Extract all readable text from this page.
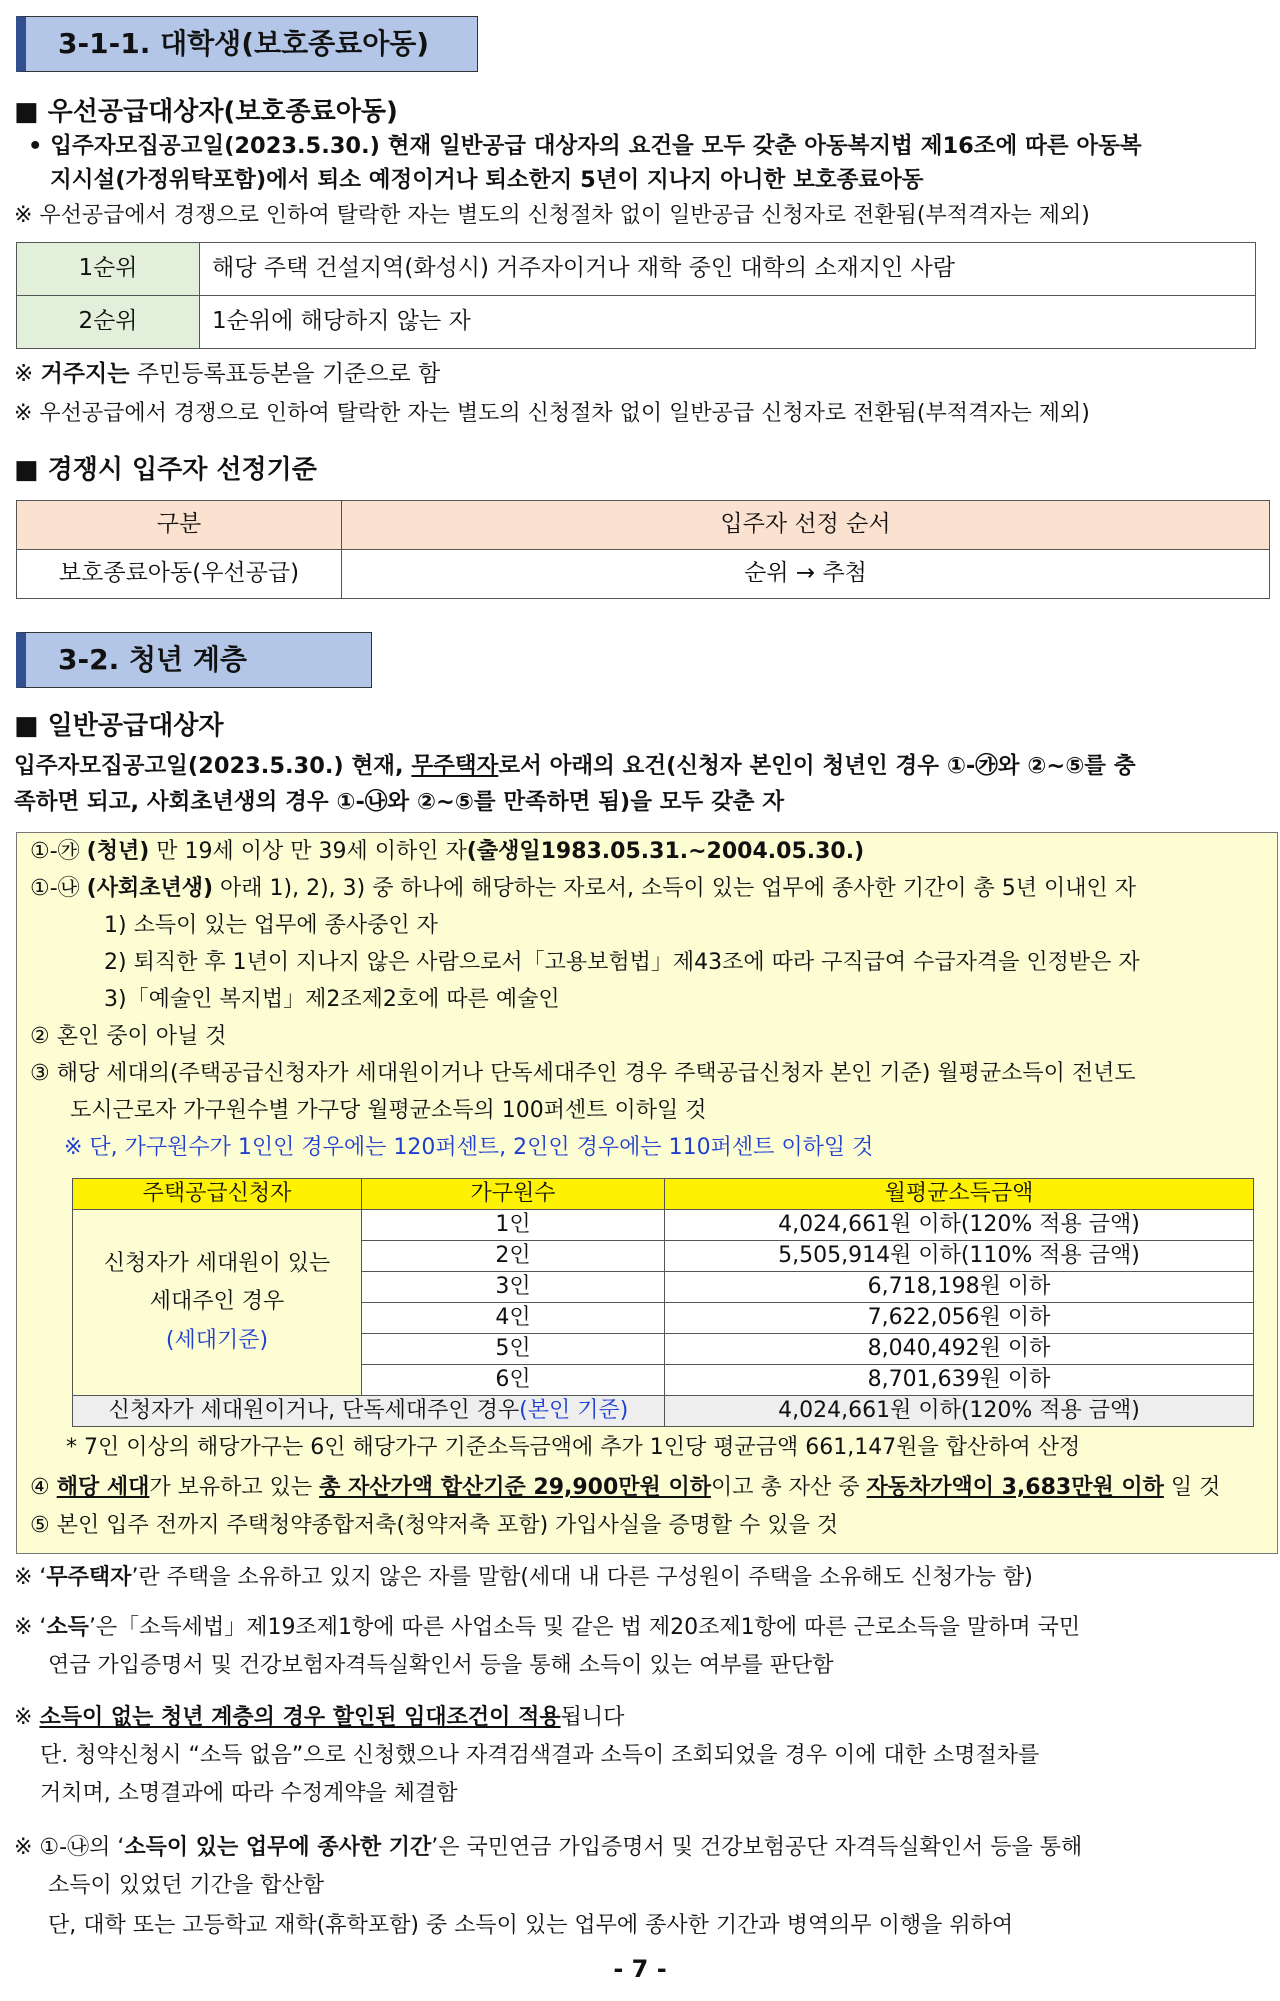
3-1-1. 대학생(보호종료아동)
■ 우선공급대상자(보호종료아동)
• 입주자모집공고일(2023.5.30.) 현재 일반공급 대상자의 요건을 모두 갖춘 아동복지법 제16조에 따른 아동복
지시설(가정위탁포함)에서 퇴소 예정이거나 퇴소한지 5년이 지나지 아니한 보호종료아동
※ 우선공급에서 경쟁으로 인하여 탈락한 자는 별도의 신청절차 없이 일반공급 신청자로 전환됨(부적격자는 제외)
1순위	해당 주택 건설지역(화성시) 거주자이거나 재학 중인 대학의 소재지인 사람
2순위	1순위에 해당하지 않는 자
※ 거주지는 주민등록표등본을 기준으로 함
※ 우선공급에서 경쟁으로 인하여 탈락한 자는 별도의 신청절차 없이 일반공급 신청자로 전환됨(부적격자는 제외)
■ 경쟁시 입주자 선정기준
구분	입주자 선정 순서
보호종료아동(우선공급)	순위 → 추첨
3-2. 청년 계층
■ 일반공급대상자
입주자모집공고일(2023.5.30.) 현재, 무주택자로서 아래의 요건(신청자 본인이 청년인 경우 ①-㉮와 ②~⑤를 충
족하면 되고, 사회초년생의 경우 ①-㉯와 ②~⑤를 만족하면 됨)을 모두 갖춘 자
①-㉮ (청년) 만 19세 이상 만 39세 이하인 자(출생일1983.05.31.~2004.05.30.)
①-㉯ (사회초년생) 아래 1), 2), 3) 중 하나에 해당하는 자로서, 소득이 있는 업무에 종사한 기간이 총 5년 이내인 자
1) 소득이 있는 업무에 종사중인 자
2) 퇴직한 후 1년이 지나지 않은 사람으로서「고용보험법」제43조에 따라 구직급여 수급자격을 인정받은 자
3)「예술인 복지법」제2조제2호에 따른 예술인
② 혼인 중이 아닐 것
③ 해당 세대의(주택공급신청자가 세대원이거나 단독세대주인 경우 주택공급신청자 본인 기준) 월평균소득이 전년도
도시근로자 가구원수별 가구당 월평균소득의 100퍼센트 이하일 것
※ 단, 가구원수가 1인인 경우에는 120퍼센트, 2인인 경우에는 110퍼센트 이하일 것
주택공급신청자	가구원수	월평균소득금액

신청자가 세대원이 있는
세대주인 경우
(세대기준)	1인	4,024,661원 이하(120% 적용 금액)
	2인	5,505,914원 이하(110% 적용 금액)
	3인	6,718,198원 이하
	4인	7,622,056원 이하
	5인	8,040,492원 이하
	6인	8,701,639원 이하
신청자가 세대원이거나, 단독세대주인 경우(본인 기준)		4,024,661원 이하(120% 적용 금액)
* 7인 이상의 해당가구는 6인 해당가구 기준소득금액에 추가 1인당 평균금액 661,147원을 합산하여 산정
④ 해당 세대가 보유하고 있는 총 자산가액 합산기준 29,900만원 이하이고 총 자산 중 자동차가액이 3,683만원 이하 일 것
⑤ 본인 입주 전까지 주택청약종합저축(청약저축 포함) 가입사실을 증명할 수 있을 것
※ ‘무주택자’란 주택을 소유하고 있지 않은 자를 말함(세대 내 다른 구성원이 주택을 소유해도 신청가능 함)
※ ‘소득’은「소득세법」제19조제1항에 따른 사업소득 및 같은 법 제20조제1항에 따른 근로소득을 말하며 국민
연금 가입증명서 및 건강보험자격득실확인서 등을 통해 소득이 있는 여부를 판단함
※ 소득이 없는 청년 계층의 경우 할인된 임대조건이 적용됩니다
단. 청약신청시 “소득 없음”으로 신청했으나 자격검색결과 소득이 조회되었을 경우 이에 대한 소명절차를
거치며, 소명결과에 따라 수정계약을 체결함
※ ①-㉯의 ‘소득이 있는 업무에 종사한 기간’은 국민연금 가입증명서 및 건강보험공단 자격득실확인서 등을 통해
소득이 있었던 기간을 합산함
단, 대학 또는 고등학교 재학(휴학포함) 중 소득이 있는 업무에 종사한 기간과 병역의무 이행을 위하여
- 7 -
